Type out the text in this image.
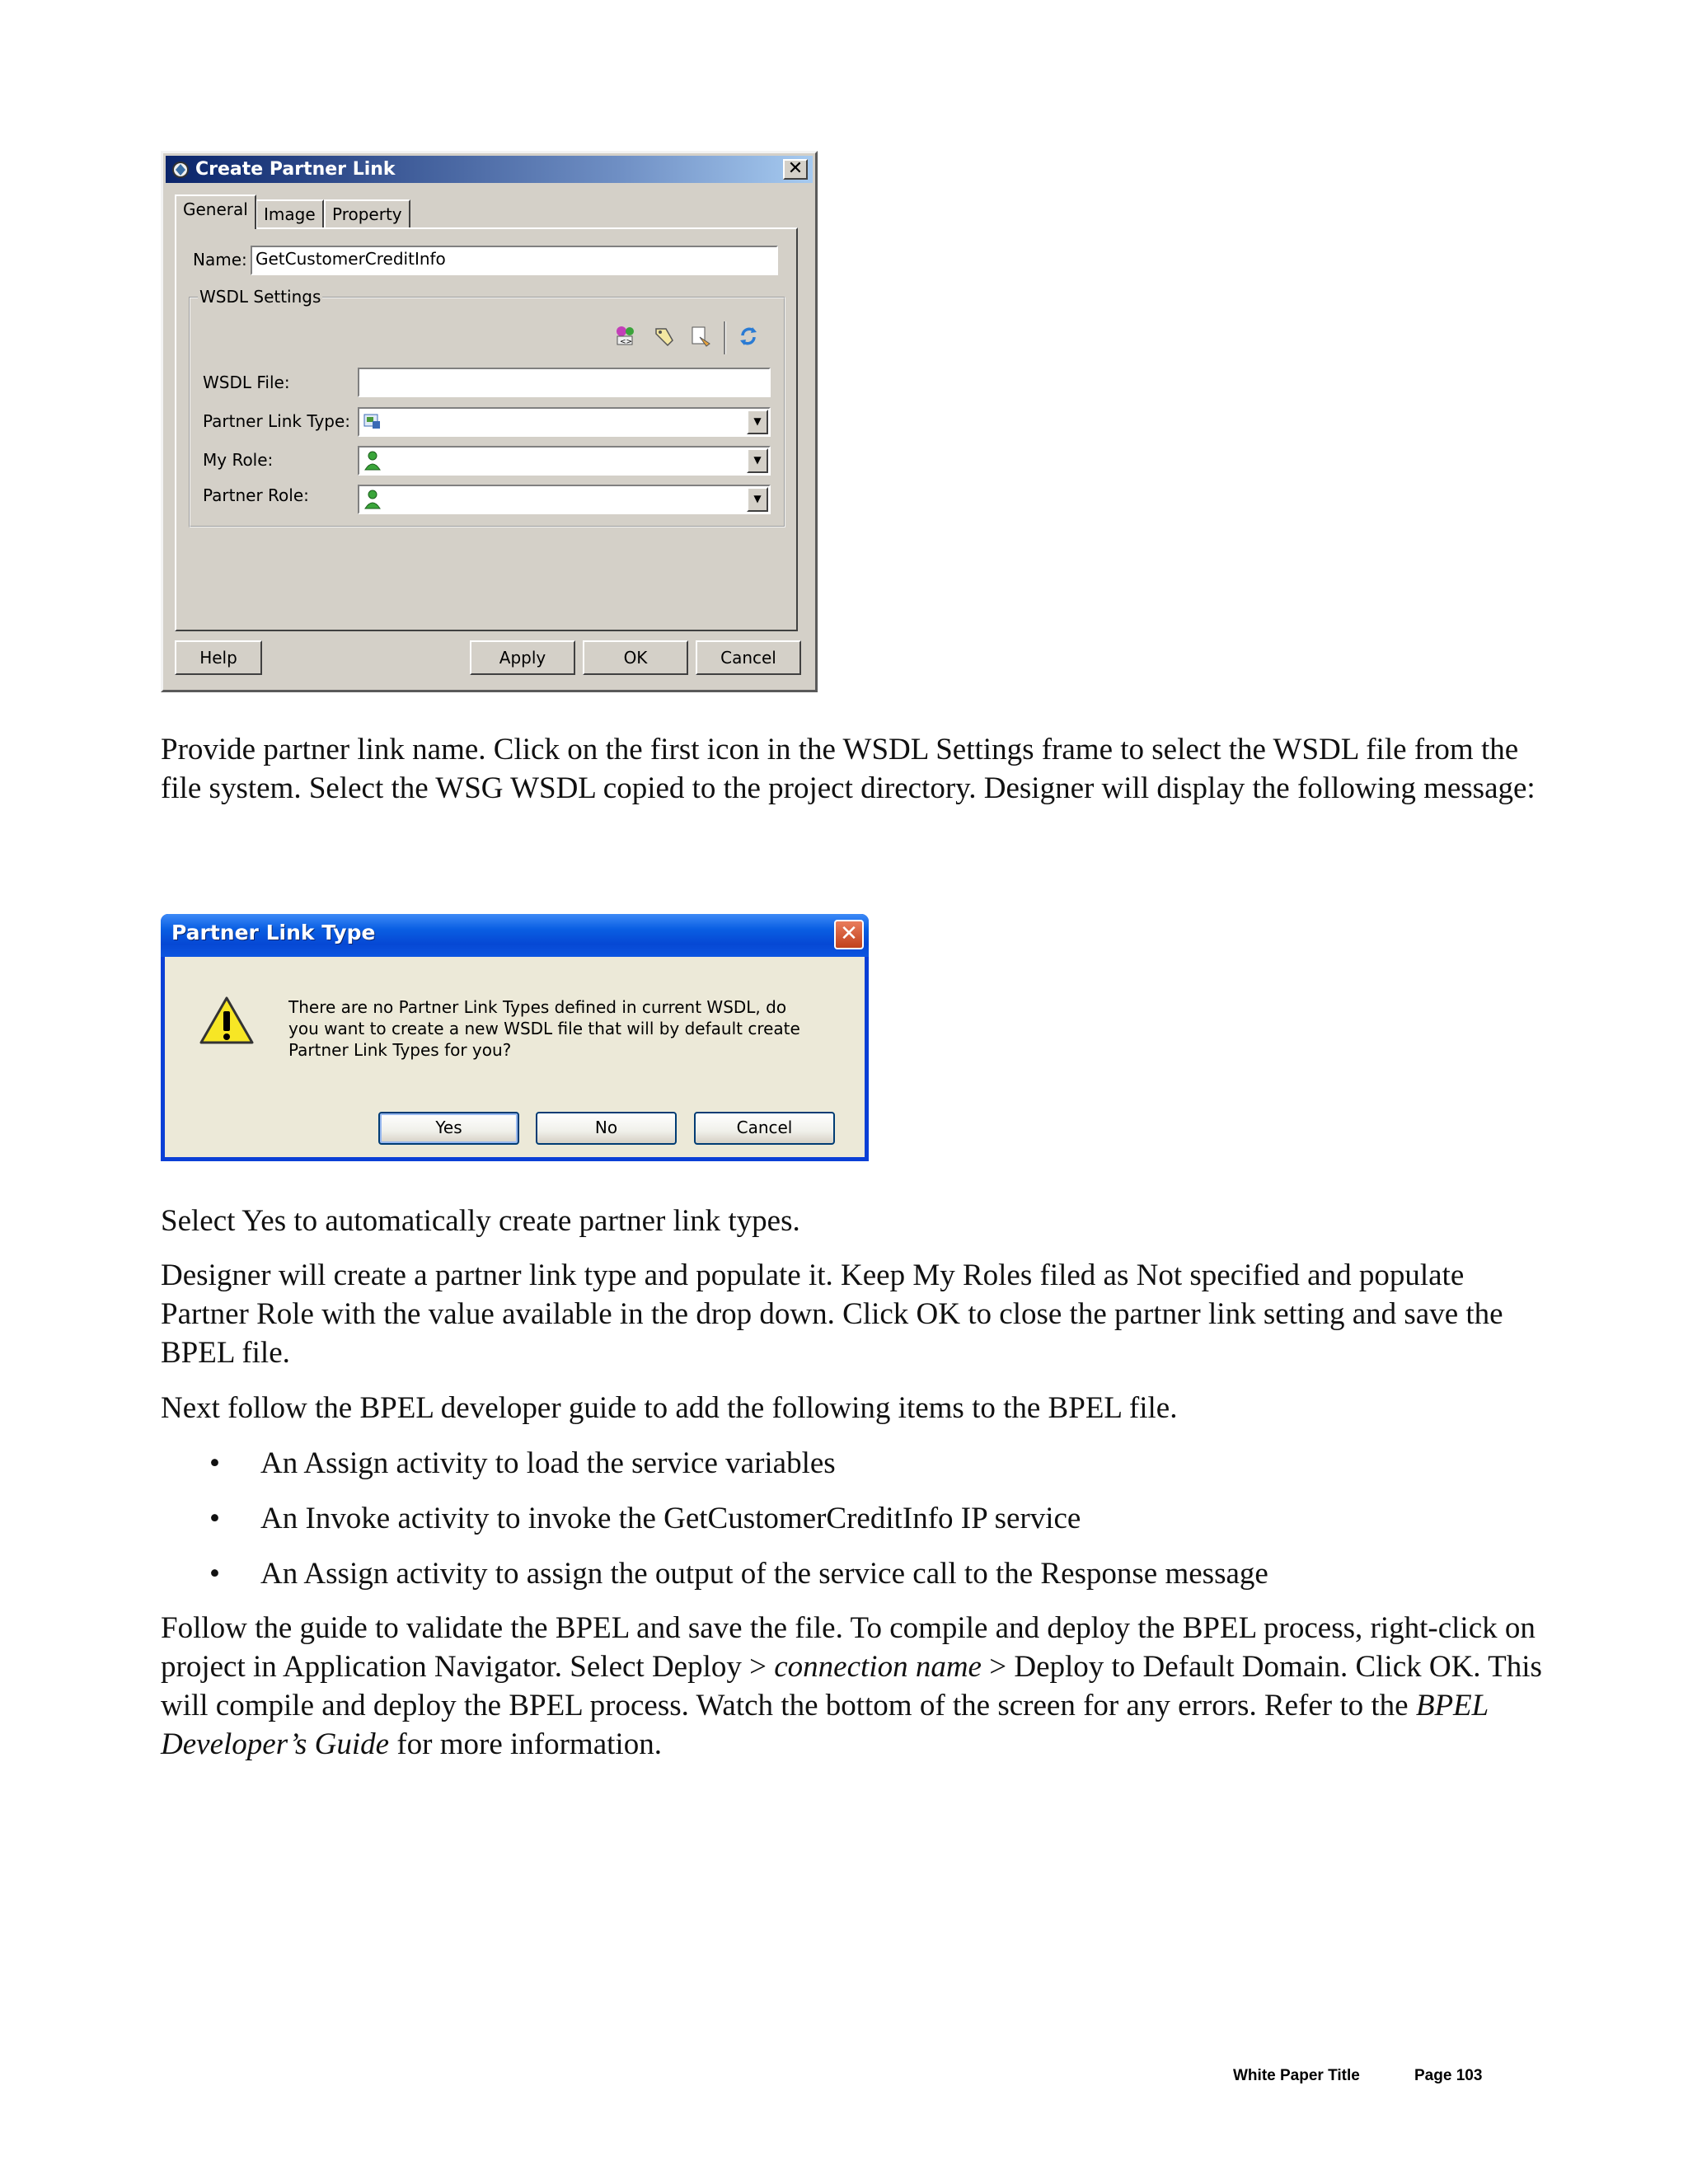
Create Partner Link	✕
General Image	Property
Name: GetCustomerCreditInfo
WSDL Settings
<>
WSDL File:
Partner Link Type:	▼
My Role:	▼
Partner Role:	▼
Help	Apply	OK	Cancel
Provide partner link name. Click on the first icon in the WSDL Settings frame to select the WSDL file from the file system. Select the WSG WSDL copied to the project directory. Designer will display the following message:
Partner Link Type	✕
There are no Partner Link Types defined in current WSDL, do
you want to create a new WSDL file that will by default create
Partner Link Types for you?
Yes	No	Cancel
Select Yes to automatically create partner link types.
Designer will create a partner link type and populate it. Keep My Roles filed as Not specified and populate Partner Role with the value available in the drop down. Click OK to close the partner link setting and save the BPEL file.
Next follow the BPEL developer guide to add the following items to the BPEL file.
• An Assign activity to load the service variables
• An Invoke activity to invoke the GetCustomerCreditInfo IP service
• An Assign activity to assign the output of the service call to the Response message
Follow the guide to validate the BPEL and save the file. To compile and deploy the BPEL process, right-click on project in Application Navigator. Select Deploy > connection name > Deploy to Default Domain. Click OK. This will compile and deploy the BPEL process. Watch the bottom of the screen for any errors. Refer to the BPEL Developer’s Guide for more information.
White Paper Title	Page 103
